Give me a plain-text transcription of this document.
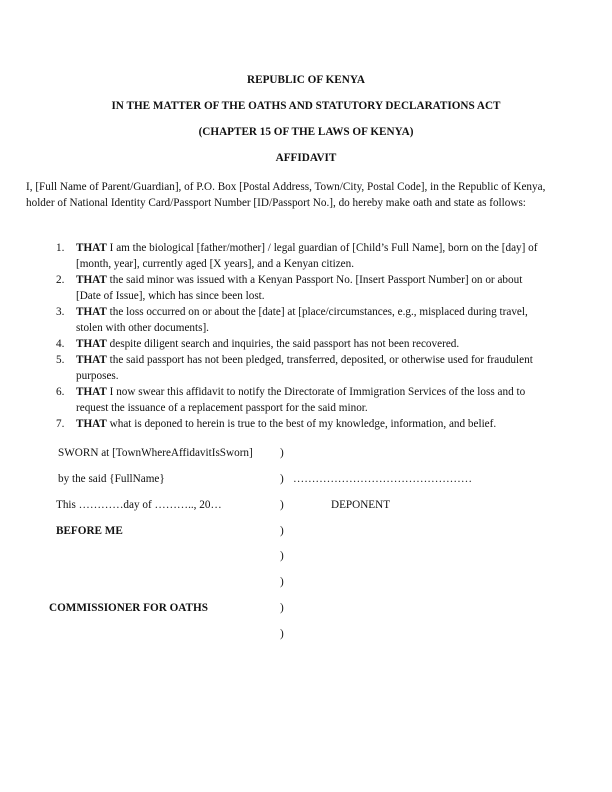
REPUBLIC OF KENYA
IN THE MATTER OF THE OATHS AND STATUTORY DECLARATIONS ACT
(CHAPTER 15 OF THE LAWS OF KENYA)
AFFIDAVIT
I, [Full Name of Parent/Guardian], of P.O. Box [Postal Address, Town/City, Postal Code], in the Republic of Kenya, holder of National Identity Card/Passport Number [ID/Passport No.], do hereby make oath and state as follows:
1. THAT I am the biological [father/mother] / legal guardian of [Child’s Full Name], born on the [day] of [month, year], currently aged [X years], and a Kenyan citizen.
2. THAT the said minor was issued with a Kenyan Passport No. [Insert Passport Number] on or about [Date of Issue], which has since been lost.
3. THAT the loss occurred on or about the [date] at [place/circumstances, e.g., misplaced during travel, stolen with other documents].
4. THAT despite diligent search and inquiries, the said passport has not been recovered.
5. THAT the said passport has not been pledged, transferred, deposited, or otherwise used for fraudulent purposes.
6. THAT I now swear this affidavit to notify the Directorate of Immigration Services of the loss and to request the issuance of a replacement passport for the said minor.
7. THAT what is deponed to herein is true to the best of my knowledge, information, and belief.
SWORN at [TownWhereAffidavitIsSworn]
by the said {FullName}
This …………day of ……….., 20…
BEFORE ME
COMMISSIONER FOR OATHS
)
)
)
)
)
)
)
)
…………………………………………
DEPONENT
